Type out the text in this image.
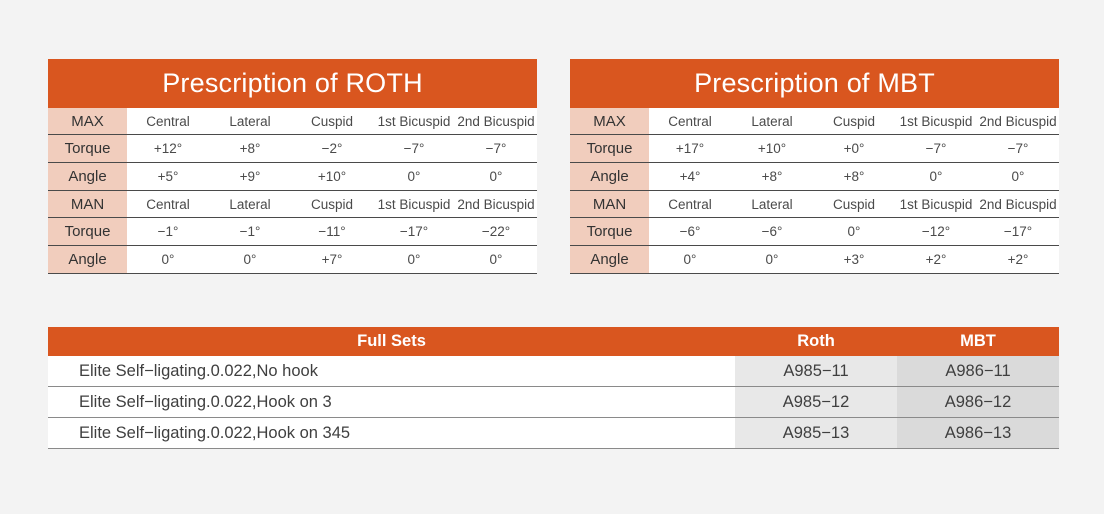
Prescription of ROTH
MAX	Central	Lateral	Cuspid	1st Bicuspid	2nd Bicuspid
Torque	+12°	+8°	−2°	−7°	−7°
Angle	+5°	+9°	+10°	0°	0°
MAN	Central	Lateral	Cuspid	1st Bicuspid	2nd Bicuspid
Torque	−1°	−1°	−11°	−17°	−22°
Angle	0°	0°	+7°	0°	0°
Prescription of MBT
MAX	Central	Lateral	Cuspid	1st Bicuspid	2nd Bicuspid
Torque	+17°	+10°	+0°	−7°	−7°
Angle	+4°	+8°	+8°	0°	0°
MAN	Central	Lateral	Cuspid	1st Bicuspid	2nd Bicuspid
Torque	−6°	−6°	0°	−12°	−17°
Angle	0°	0°	+3°	+2°	+2°
Full Sets	Roth	MBT
Elite Self−ligating.0.022,No hook	A985−11	A986−11
Elite Self−ligating.0.022,Hook on 3	A985−12	A986−12
Elite Self−ligating.0.022,Hook on 345	A985−13	A986−13
